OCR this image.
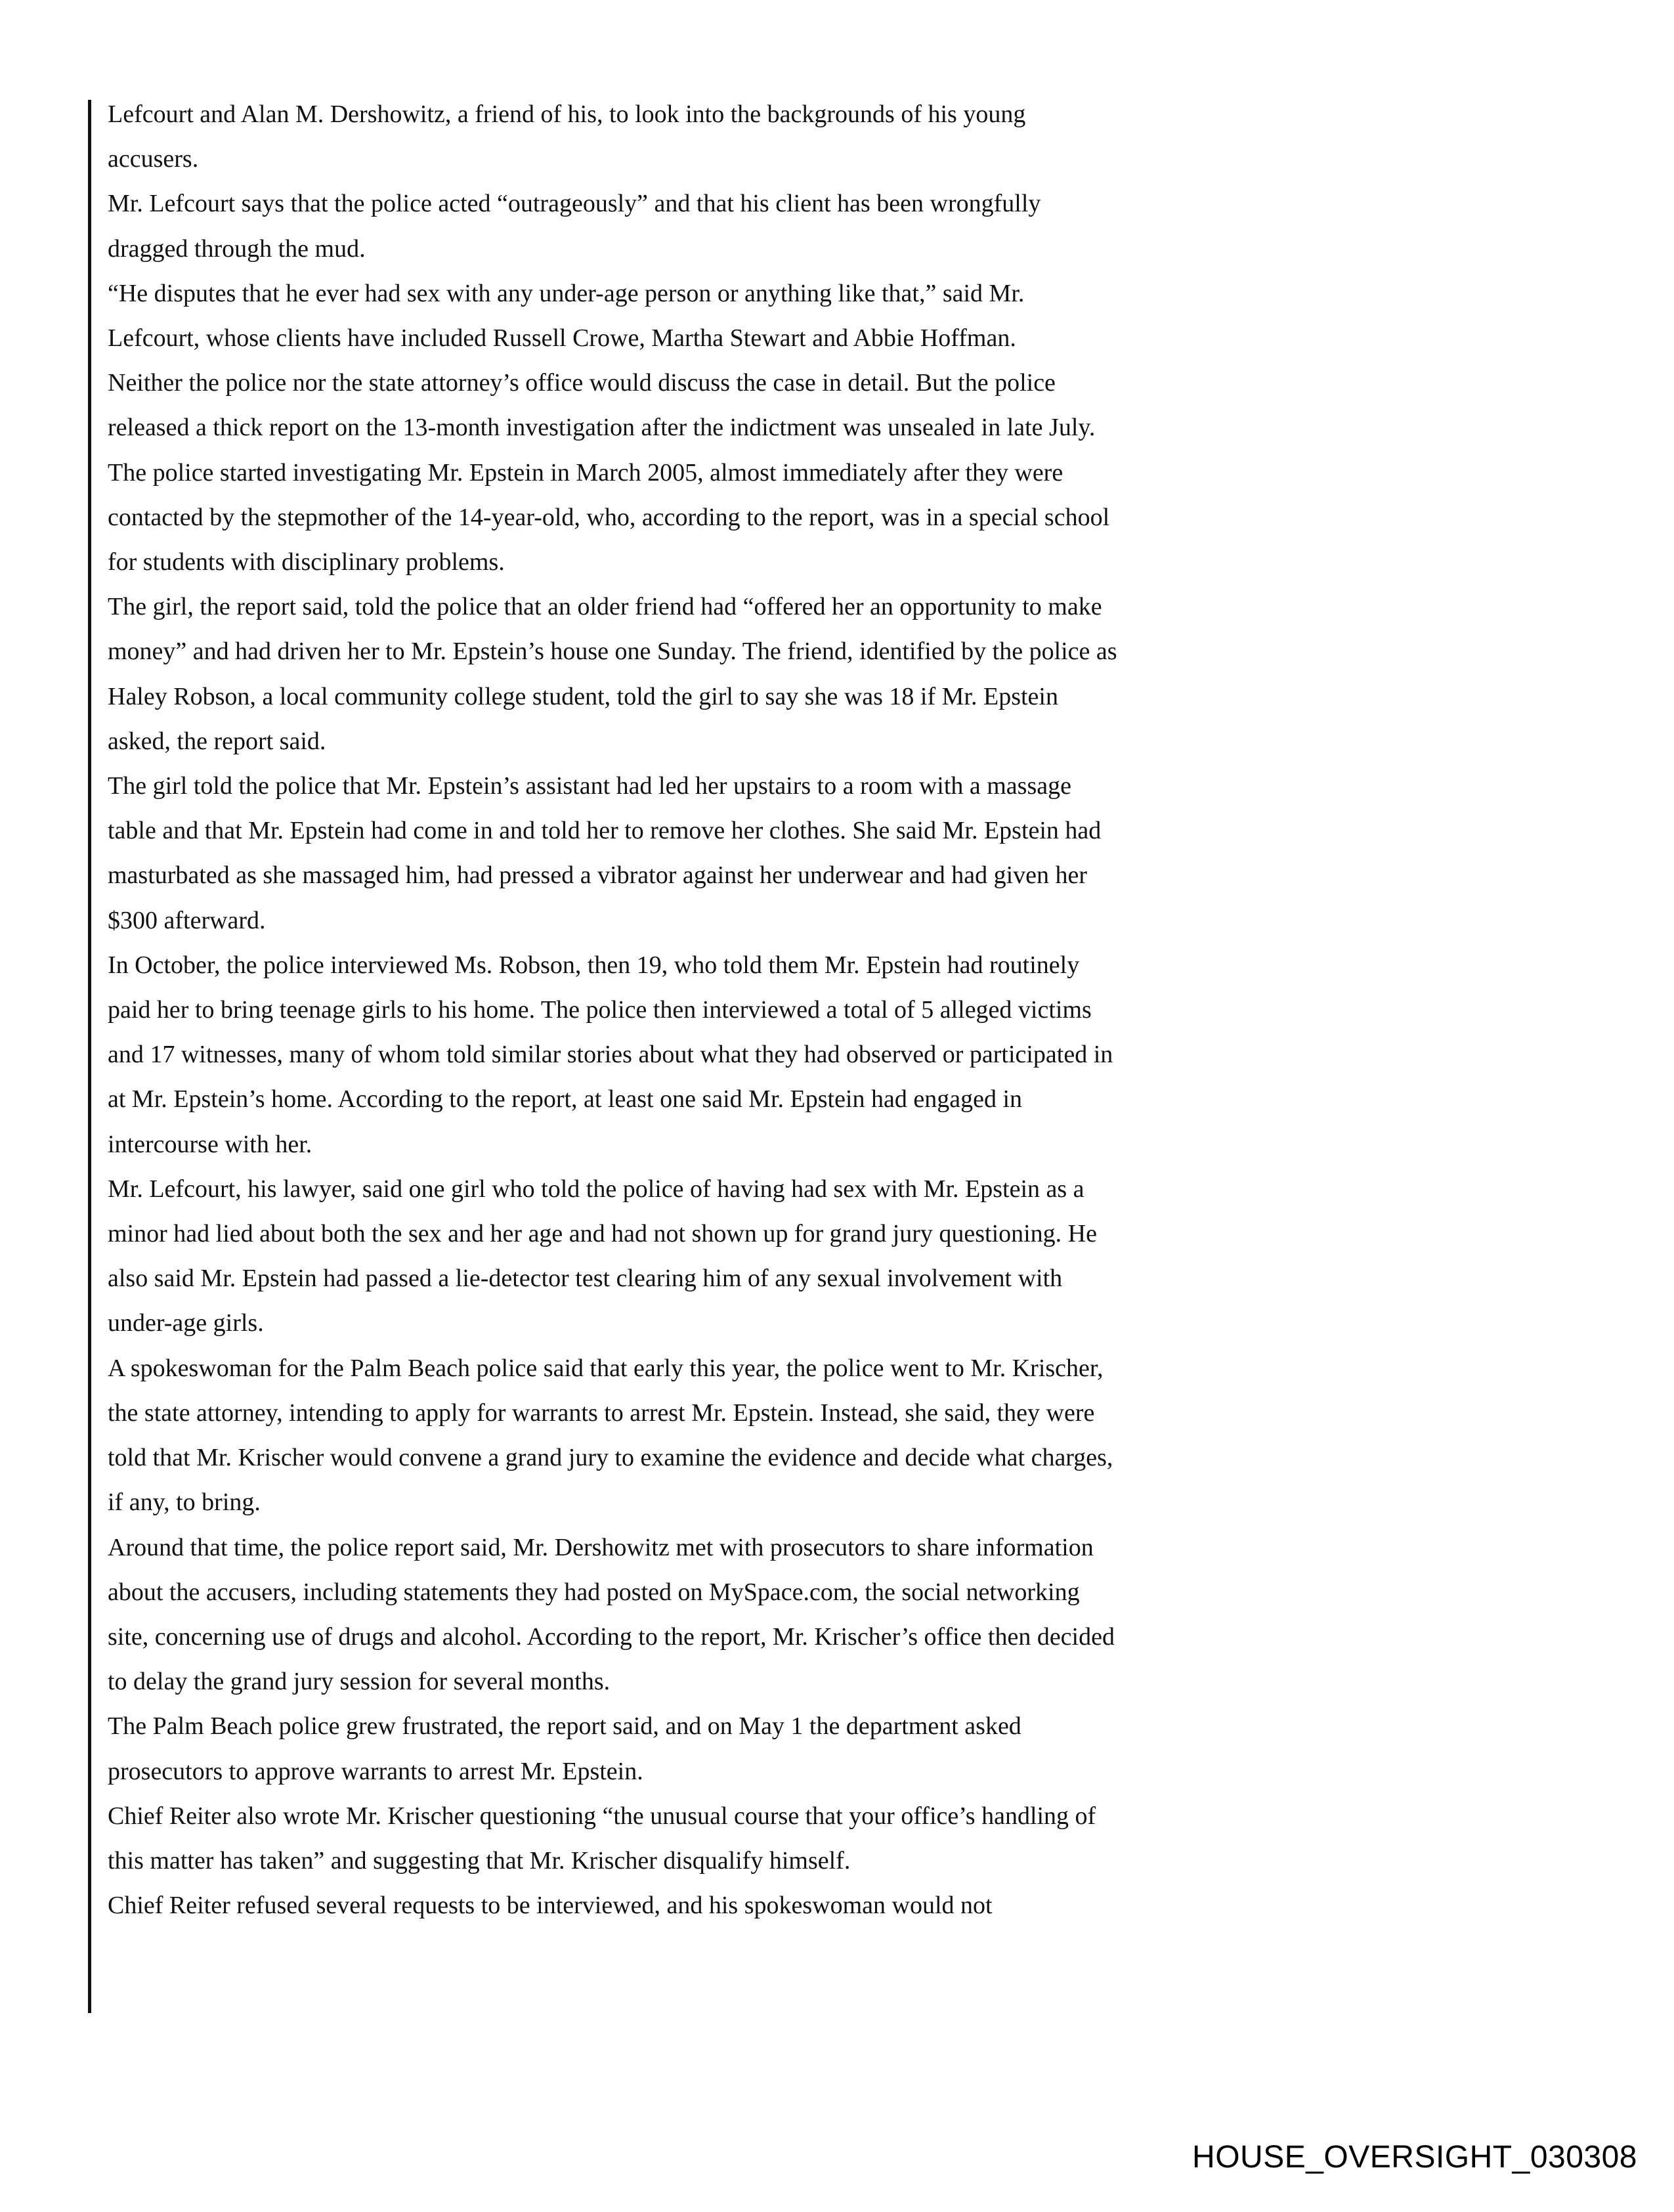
Lefcourt and Alan M. Dershowitz, a friend of his, to look into the backgrounds of his young accusers.

Mr. Lefcourt says that the police acted “outrageously” and that his client has been wrongfully dragged through the mud.

“He disputes that he ever had sex with any under-age person or anything like that,” said Mr. Lefcourt, whose clients have included Russell Crowe, Martha Stewart and Abbie Hoffman.

Neither the police nor the state attorney’s office would discuss the case in detail. But the police released a thick report on the 13-month investigation after the indictment was unsealed in late July.

The police started investigating Mr. Epstein in March 2005, almost immediately after they were contacted by the stepmother of the 14-year-old, who, according to the report, was in a special school for students with disciplinary problems.

The girl, the report said, told the police that an older friend had “offered her an opportunity to make money” and had driven her to Mr. Epstein’s house one Sunday. The friend, identified by the police as Haley Robson, a local community college student, told the girl to say she was 18 if Mr. Epstein asked, the report said.

The girl told the police that Mr. Epstein’s assistant had led her upstairs to a room with a massage table and that Mr. Epstein had come in and told her to remove her clothes. She said Mr. Epstein had masturbated as she massaged him, had pressed a vibrator against her underwear and had given her $300 afterward.

In October, the police interviewed Ms. Robson, then 19, who told them Mr. Epstein had routinely paid her to bring teenage girls to his home. The police then interviewed a total of 5 alleged victims and 17 witnesses, many of whom told similar stories about what they had observed or participated in at Mr. Epstein’s home. According to the report, at least one said Mr. Epstein had engaged in intercourse with her.

Mr. Lefcourt, his lawyer, said one girl who told the police of having had sex with Mr. Epstein as a minor had lied about both the sex and her age and had not shown up for grand jury questioning. He also said Mr. Epstein had passed a lie-detector test clearing him of any sexual involvement with under-age girls.

A spokeswoman for the Palm Beach police said that early this year, the police went to Mr. Krischer, the state attorney, intending to apply for warrants to arrest Mr. Epstein. Instead, she said, they were told that Mr. Krischer would convene a grand jury to examine the evidence and decide what charges, if any, to bring.

Around that time, the police report said, Mr. Dershowitz met with prosecutors to share information about the accusers, including statements they had posted on MySpace.com, the social networking site, concerning use of drugs and alcohol. According to the report, Mr. Krischer’s office then decided to delay the grand jury session for several months.

The Palm Beach police grew frustrated, the report said, and on May 1 the department asked prosecutors to approve warrants to arrest Mr. Epstein.

Chief Reiter also wrote Mr. Krischer questioning “the unusual course that your office’s handling of this matter has taken” and suggesting that Mr. Krischer disqualify himself.

Chief Reiter refused several requests to be interviewed, and his spokeswoman would not

HOUSE_OVERSIGHT_030308
